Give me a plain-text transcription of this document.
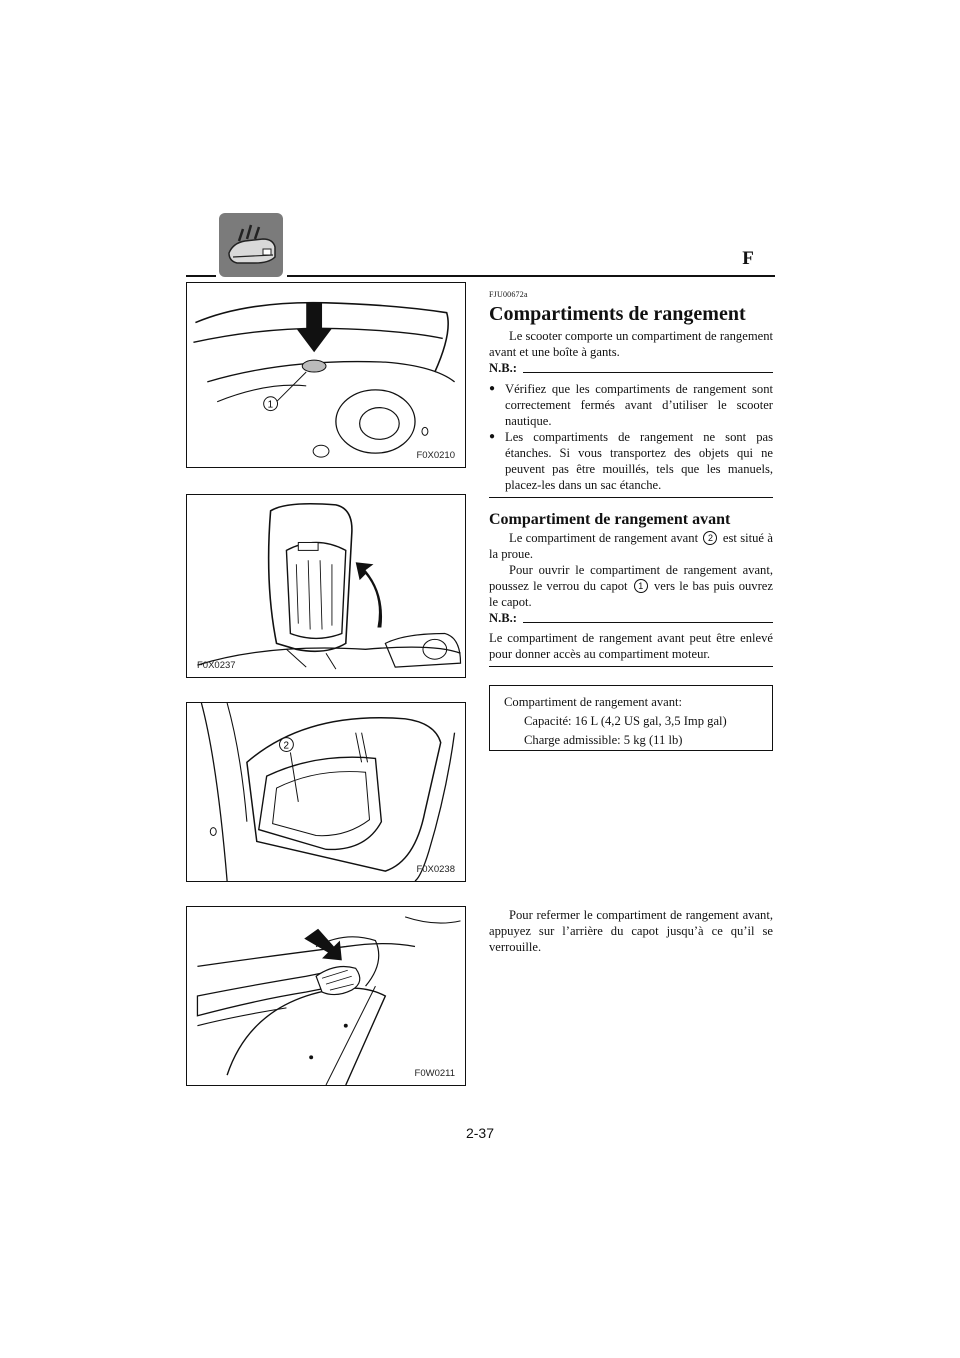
F
1
F0X0210
F0X0237
2
F0X0238
F0W0211
FJU00672a
Compartiments de rangement

Le scooter comporte un compartiment de rangement avant et une boîte à gants.

N.B.:
● Vérifiez que les compartiments de rangement sont correctement fermés avant d’utiliser le scooter nautique.
● Les compartiments de rangement ne sont pas étanches. Si vous transportez des objets qui ne peuvent pas être mouillés, tels que les manuels, placez-les dans un sac étanche.
Compartiment de rangement avant

Le compartiment de rangement avant 2 est situé à la proue.

Pour ouvrir le compartiment de rangement avant, poussez le verrou du capot 1 vers le bas puis ouvrez le capot.

N.B.:

Le compartiment de rangement avant peut être enlevé pour donner accès au compartiment moteur.

Compartiment de rangement avant:
Capacité: 16 L (4,2 US gal, 3,5 Imp gal)
Charge admissible: 5 kg (11 lb)

Pour refermer le compartiment de rangement avant, appuyez sur l’arrière du capot jusqu’à ce qu’il se verrouille.

2-37
